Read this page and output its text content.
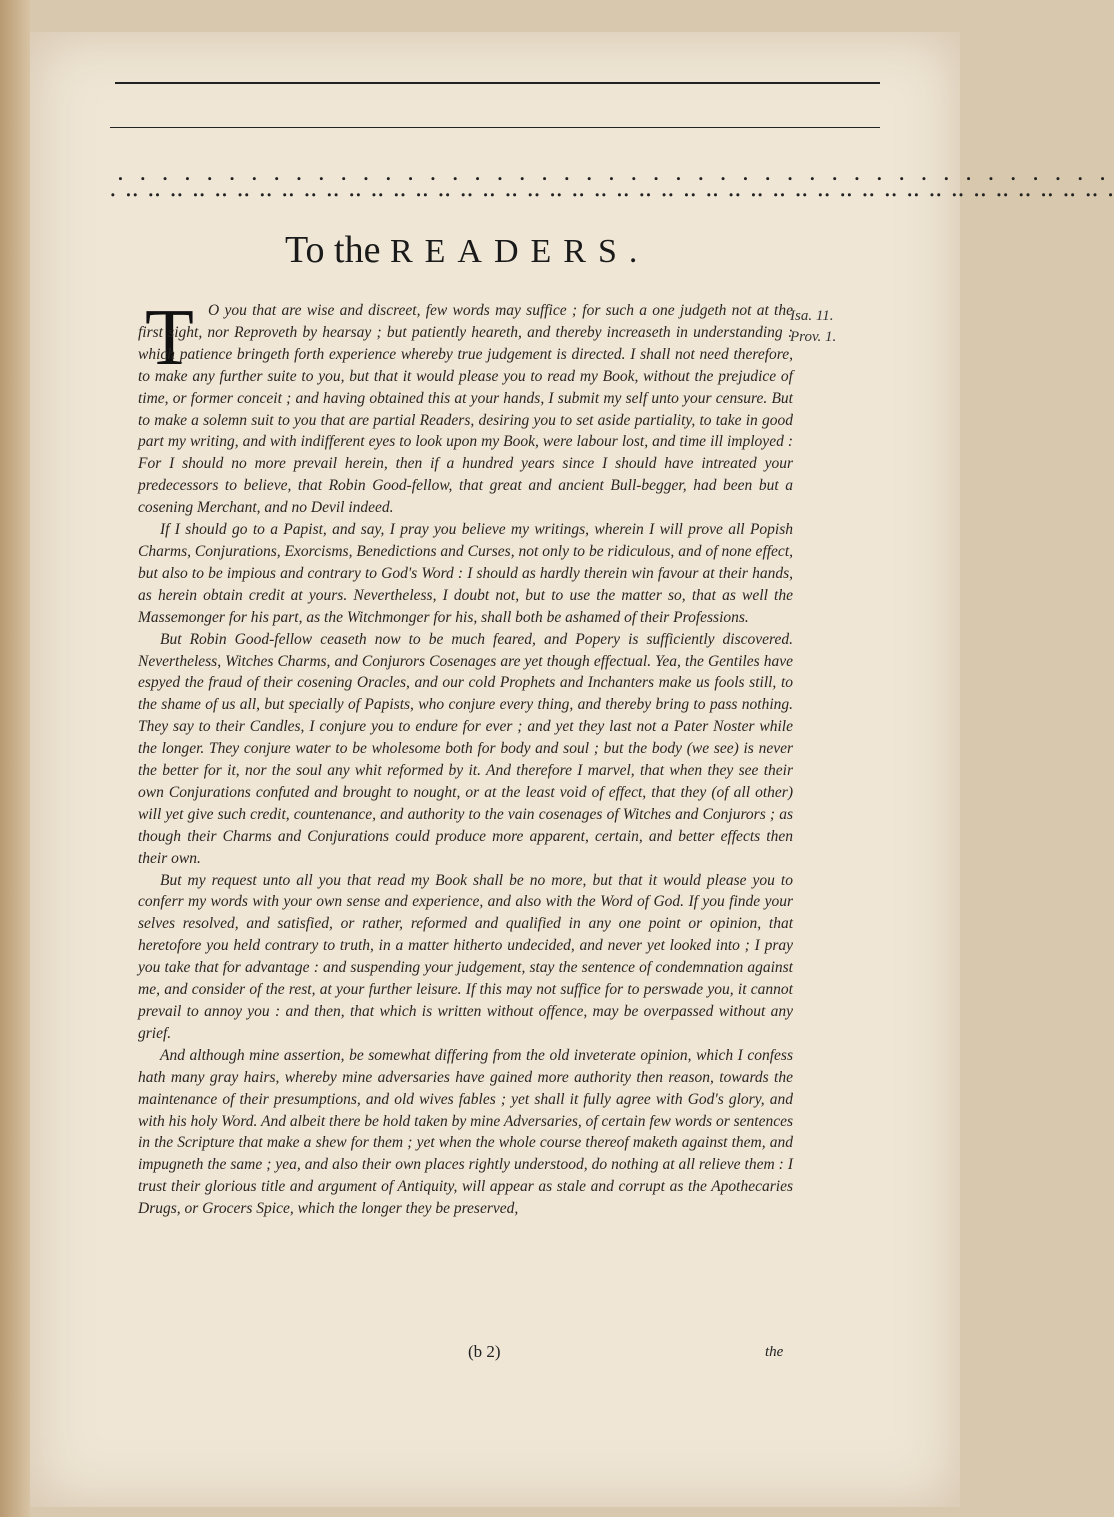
⸫⸫⸫⸫⸫⸫⸫⸫⸫⸫⸫⸫⸫⸫⸫⸫⸫⸫⸫⸫⸫⸫⸫⸫⸫⸫⸫⸫⸫⸫⸫⸫⸫⸫⸫⸫⸫⸫⸫⸫⸫⸫⸫⸫⸫
To the READERS.
T	Isa. 11.
Prov. 1.

O you that are wise and discreet, few words may suffice ; for such a one judgeth not at the first sight, nor Reproveth by hearsay ; but patiently heareth, and thereby increaseth in understanding : which patience bringeth forth experience whereby true judgement is directed. I shall not need therefore, to make any further suite to you, but that it would please you to read my Book, without the prejudice of time, or former conceit ; and having obtained this at your hands, I submit my self unto your censure. But to make a solemn suit to you that are partial Readers, desiring you to set aside partiality, to take in good part my writing, and with indifferent eyes to look upon my Book, were labour lost, and time ill imployed : For I should no more prevail herein, then if a hundred years since I should have intreated your predecessors to believe, that Robin Good-fellow, that great and ancient Bull-begger, had been but a cosening Merchant, and no Devil indeed.

If I should go to a Papist, and say, I pray you believe my writings, wherein I will prove all Popish Charms, Conjurations, Exorcisms, Benedictions and Curses, not only to be ridiculous, and of none effect, but also to be impious and contrary to God's Word : I should as hardly therein win favour at their hands, as herein obtain credit at yours. Nevertheless, I doubt not, but to use the matter so, that as well the Massemonger for his part, as the Witchmonger for his, shall both be ashamed of their Professions.

But Robin Good-fellow ceaseth now to be much feared, and Popery is sufficiently discovered. Nevertheless, Witches Charms, and Conjurors Cosenages are yet though effectual. Yea, the Gentiles have espyed the fraud of their cosening Oracles, and our cold Prophets and Inchanters make us fools still, to the shame of us all, but specially of Papists, who conjure every thing, and thereby bring to pass nothing. They say to their Candles, I conjure you to endure for ever ; and yet they last not a Pater Noster while the longer. They conjure water to be wholesome both for body and soul ; but the body (we see) is never the better for it, nor the soul any whit reformed by it. And therefore I marvel, that when they see their own Conjurations confuted and brought to nought, or at the least void of effect, that they (of all other) will yet give such credit, countenance, and authority to the vain cosenages of Witches and Conjurors ; as though their Charms and Conjurations could produce more apparent, certain, and better effects then their own.

But my request unto all you that read my Book shall be no more, but that it would please you to conferr my words with your own sense and experience, and also with the Word of God. If you finde your selves resolved, and satisfied, or rather, reformed and qualified in any one point or opinion, that heretofore you held contrary to truth, in a matter hitherto undecided, and never yet looked into ; I pray you take that for advantage : and suspending your judgement, stay the sentence of condemnation against me, and consider of the rest, at your further leisure. If this may not suffice for to perswade you, it cannot prevail to annoy you : and then, that which is written without offence, may be overpassed without any grief.

And although mine assertion, be somewhat differing from the old inveterate opinion, which I confess hath many gray hairs, whereby mine adversaries have gained more authority then reason, towards the maintenance of their presumptions, and old wives fables ; yet shall it fully agree with God's glory, and with his holy Word. And albeit there be hold taken by mine Adversaries, of certain few words or sentences in the Scripture that make a shew for them ; yet when the whole course thereof maketh against them, and impugneth the same ; yea, and also their own places rightly understood, do nothing at all relieve them : I trust their glorious title and argument of Antiquity, will appear as stale and corrupt as the Apothecaries Drugs, or Grocers Spice, which the longer they be preserved,

(b 2)	the
